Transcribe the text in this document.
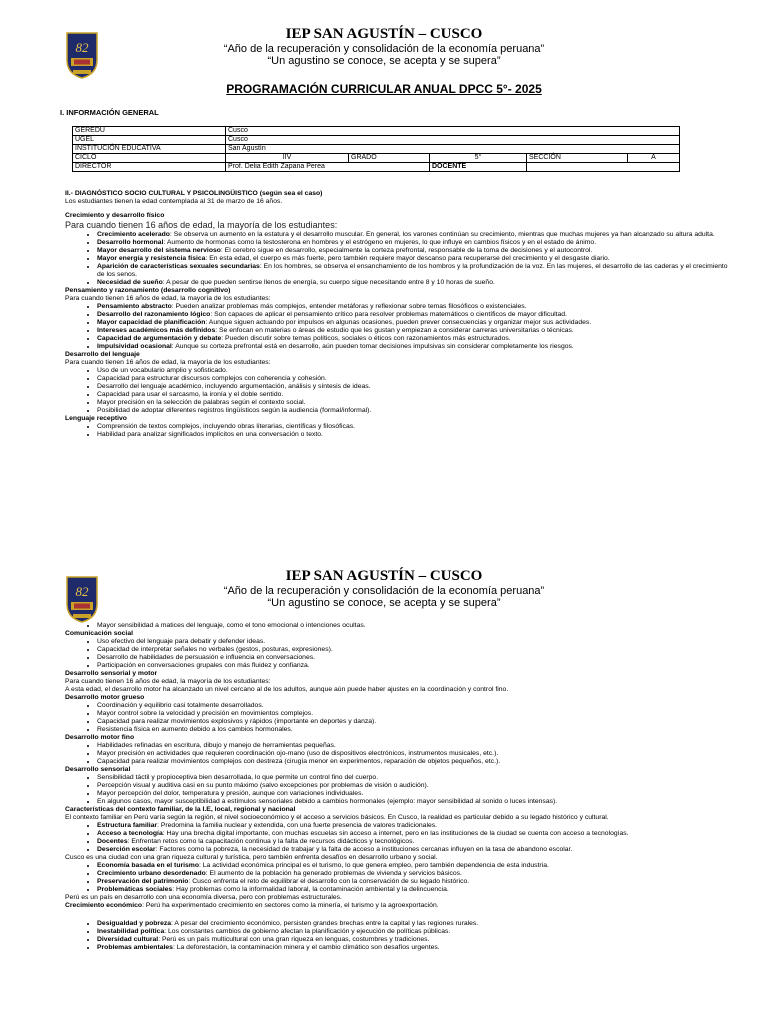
82
IEP SAN AGUSTÍN – CUSCO
“Año de la recuperación y consolidación de la economía peruana”
“Un agustino se conoce, se acepta y se supera”
PROGRAMACIÓN CURRICULAR ANUAL DPCC 5°- 2025
I. INFORMACIÓN GENERAL
GEREDU	Cusco				
UGEL	Cusco				
INSTITUCIÓN EDUCATIVA	San Agustín				
CICLO	IIV	GRADO	5°	SECCIÓN	A
DIRECTOR	Prof. Delia Edith Zapana Perea		DOCENTE		
II.- DIAGNÓSTICO SOCIO CULTURAL Y PSICOLINGÜISTICO (según sea el caso)
Los estudiantes tienen la edad contemplada al 31 de marzo de 16 años.
Crecimiento y desarrollo físico
Para cuando tienen 16 años de edad, la mayoría de los estudiantes:
• Crecimiento acelerado: Se observa un aumento en la estatura y el desarrollo muscular. En general, los varones continúan su crecimiento, mientras que muchas mujeres ya han alcanzado su altura adulta.
• Desarrollo hormonal: Aumento de hormonas como la testosterona en hombres y el estrógeno en mujeres, lo que influye en cambios físicos y en el estado de ánimo.
• Mayor desarrollo del sistema nervioso: El cerebro sigue en desarrollo, especialmente la corteza prefrontal, responsable de la toma de decisiones y el autocontrol.
• Mayor energía y resistencia física: En esta edad, el cuerpo es más fuerte, pero también requiere mayor descanso para recuperarse del crecimiento y el desgaste diario.
• Aparición de características sexuales secundarias: En los hombres, se observa el ensanchamiento de los hombros y la profundización de la voz. En las mujeres, el desarrollo de las caderas y el crecimiento de los senos.
• Necesidad de sueño: A pesar de que pueden sentirse llenos de energía, su cuerpo sigue necesitando entre 8 y 10 horas de sueño.
Pensamiento y razonamiento (desarrollo cognitivo)
Para cuando tienen 16 años de edad, la mayoría de los estudiantes:
• Pensamiento abstracto: Pueden analizar problemas más complejos, entender metáforas y reflexionar sobre temas filosóficos o existenciales.
• Desarrollo del razonamiento lógico: Son capaces de aplicar el pensamiento crítico para resolver problemas matemáticos o científicos de mayor dificultad.
• Mayor capacidad de planificación: Aunque siguen actuando por impulsos en algunas ocasiones, pueden prever consecuencias y organizar mejor sus actividades.
• Intereses académicos más definidos: Se enfocan en materias o áreas de estudio que les gustan y empiezan a considerar carreras universitarias o técnicas.
• Capacidad de argumentación y debate: Pueden discutir sobre temas políticos, sociales o éticos con razonamientos más estructurados.
• Impulsividad ocasional: Aunque su corteza prefrontal está en desarrollo, aún pueden tomar decisiones impulsivas sin considerar completamente los riesgos.
Desarrollo del lenguaje
Para cuando tienen 16 años de edad, la mayoría de los estudiantes:
• Uso de un vocabulario amplio y sofisticado.
• Capacidad para estructurar discursos complejos con coherencia y cohesión.
• Desarrollo del lenguaje académico, incluyendo argumentación, análisis y síntesis de ideas.
• Capacidad para usar el sarcasmo, la ironía y el doble sentido.
• Mayor precisión en la selección de palabras según el contexto social.
• Posibilidad de adoptar diferentes registros lingüísticos según la audiencia (formal/informal).
Lenguaje receptivo
• Comprensión de textos complejos, incluyendo obras literarias, científicas y filosóficas.
• Habilidad para analizar significados implícitos en una conversación o texto.
82
IEP SAN AGUSTÍN – CUSCO
“Año de la recuperación y consolidación de la economía peruana”
“Un agustino se conoce, se acepta y se supera”
• Mayor sensibilidad a matices del lenguaje, como el tono emocional o intenciones ocultas.
Comunicación social
• Uso efectivo del lenguaje para debatir y defender ideas.
• Capacidad de interpretar señales no verbales (gestos, posturas, expresiones).
• Desarrollo de habilidades de persuasión e influencia en conversaciones.
• Participación en conversaciones grupales con más fluidez y confianza.
Desarrollo sensorial y motor
Para cuando tienen 16 años de edad, la mayoría de los estudiantes:
A esta edad, el desarrollo motor ha alcanzado un nivel cercano al de los adultos, aunque aún puede haber ajustes en la coordinación y control fino.
Desarrollo motor grueso
• Coordinación y equilibrio casi totalmente desarrollados.
• Mayor control sobre la velocidad y precisión en movimientos complejos.
• Capacidad para realizar movimientos explosivos y rápidos (importante en deportes y danza).
• Resistencia física en aumento debido a los cambios hormonales.
Desarrollo motor fino
• Habilidades refinadas en escritura, dibujo y manejo de herramientas pequeñas.
• Mayor precisión en actividades que requieren coordinación ojo-mano (uso de dispositivos electrónicos, instrumentos musicales, etc.).
• Capacidad para realizar movimientos complejos con destreza (cirugía menor en experimentos, reparación de objetos pequeños, etc.).
Desarrollo sensorial
• Sensibilidad táctil y propioceptiva bien desarrollada, lo que permite un control fino del cuerpo.
• Percepción visual y auditiva casi en su punto máximo (salvo excepciones por problemas de visión o audición).
• Mayor percepción del dolor, temperatura y presión, aunque con variaciones individuales.
• En algunos casos, mayor susceptibilidad a estímulos sensoriales debido a cambios hormonales (ejemplo: mayor sensibilidad al sonido o luces intensas).
Características del contexto familiar, de la I.E, local, regional y nacional
El contexto familiar en Perú varía según la región, el nivel socioeconómico y el acceso a servicios básicos. En Cusco, la realidad es particular debido a su legado histórico y cultural.
• Estructura familiar: Predomina la familia nuclear y extendida, con una fuerte presencia de valores tradicionales.
• Acceso a tecnología: Hay una brecha digital importante, con muchas escuelas sin acceso a internet, pero en las instituciones de la ciudad se cuenta con acceso a tecnologías.
• Docentes: Enfrentan retos como la capacitación continua y la falta de recursos didácticos y tecnológicos.
• Deserción escolar: Factores como la pobreza, la necesidad de trabajar y la falta de acceso a instituciones cercanas influyen en la tasa de abandono escolar.
Cusco es una ciudad con una gran riqueza cultural y turística, pero también enfrenta desafíos en desarrollo urbano y social.
• Economía basada en el turismo: La actividad económica principal es el turismo, lo que genera empleo, pero también dependencia de esta industria.
• Crecimiento urbano desordenado: El aumento de la población ha generado problemas de vivienda y servicios básicos.
• Preservación del patrimonio: Cusco enfrenta el reto de equilibrar el desarrollo con la conservación de su legado histórico.
• Problemáticas sociales: Hay problemas como la informalidad laboral, la contaminación ambiental y la delincuencia.
Perú es un país en desarrollo con una economía diversa, pero con problemas estructurales.
Crecimiento económico: Perú ha experimentado crecimiento en sectores como la minería, el turismo y la agroexportación.
• Desigualdad y pobreza: A pesar del crecimiento económico, persisten grandes brechas entre la capital y las regiones rurales.
• Inestabilidad política: Los constantes cambios de gobierno afectan la planificación y ejecución de políticas públicas.
• Diversidad cultural: Perú es un país multicultural con una gran riqueza en lenguas, costumbres y tradiciones.
• Problemas ambientales: La deforestación, la contaminación minera y el cambio climático son desafíos urgentes.
